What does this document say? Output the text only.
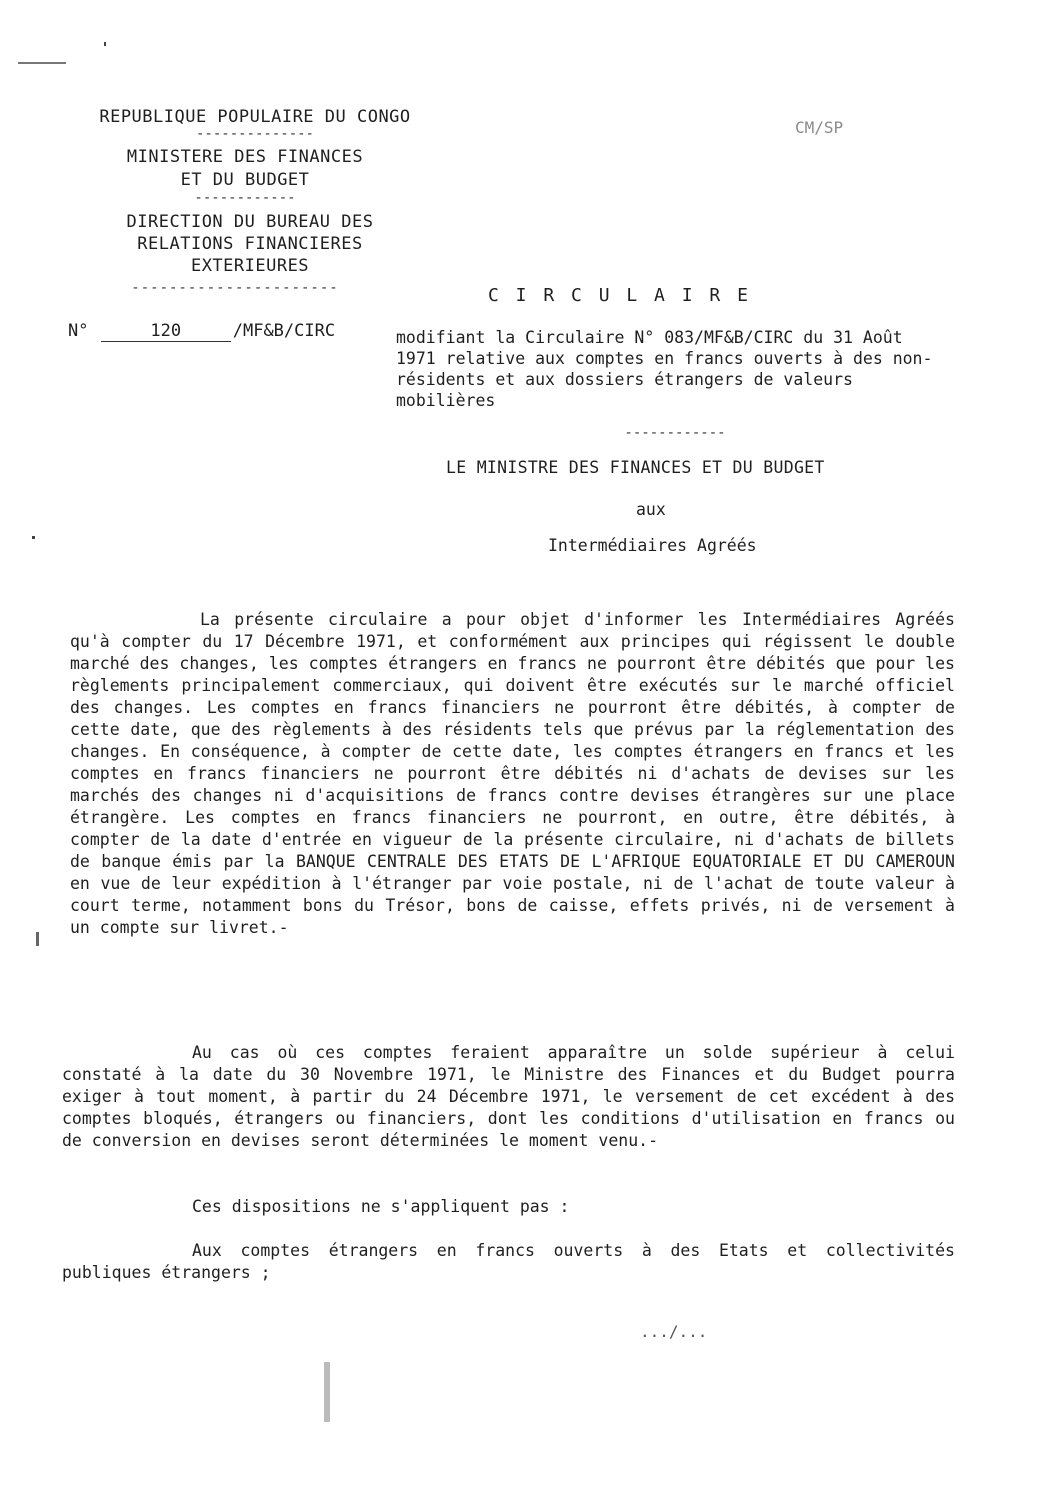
REPUBLIQUE POPULAIRE DU CONGO
--------------
MINISTERE DES FINANCES
ET DU BUDGET
------------
DIRECTION DU BUREAU DES
RELATIONS FINANCIERES
EXTERIEURES
----------------------
CM/SP
C I R C U L A I R E
N°	120	/MF&B/CIRC	modifiant la Circulaire N° 083/MF&B/CIRC du 31 Août 1971 relative aux comptes en francs ouverts à des non-résidents et aux dossiers étrangers de valeurs mobilières
------------
LE MINISTRE DES FINANCES ET DU BUDGET
aux
Intermédiaires Agréés
La présente circulaire a pour objet d'informer les Intermédiaires Agréés qu'à compter du 17 Décembre 1971, et conformément aux principes qui régissent le double marché des changes, les comptes étrangers en francs ne pourront être débités que pour les règlements principalement commerciaux, qui doivent être exécutés sur le marché officiel des changes. Les comptes en francs financiers ne pourront être débités, à compter de cette date, que des règlements à des résidents tels que prévus par la réglementation des changes. En conséquence, à compter de cette date, les comptes étrangers en francs et les comptes en francs financiers ne pourront être débités ni d'achats de devises sur les marchés des changes ni d'acquisitions de francs contre devises étrangères sur une place étrangère. Les comptes en francs financiers ne pourront, en outre, être débités, à compter de la date d'entrée en vigueur de la présente circulaire, ni d'achats de billets de banque émis par la BANQUE CENTRALE DES ETATS DE L'AFRIQUE EQUATORIALE ET DU CAMEROUN en vue de leur expédition à l'étranger par voie postale, ni de l'achat de toute valeur à court terme, notamment bons du Trésor, bons de caisse, effets privés, ni de versement à un compte sur livret.-
Au cas où ces comptes feraient apparaître un solde supérieur à celui constaté à la date du 30 Novembre 1971, le Ministre des Finances et du Budget pourra exiger à tout moment, à partir du 24 Décembre 1971, le versement de cet excédent à des comptes bloqués, étrangers ou financiers, dont les conditions d'utilisation en francs ou de conversion en devises seront déterminées le moment venu.-
Ces dispositions ne s'appliquent pas :
Aux comptes étrangers en francs ouverts à des Etats et collectivités publiques étrangers ;
.../...
